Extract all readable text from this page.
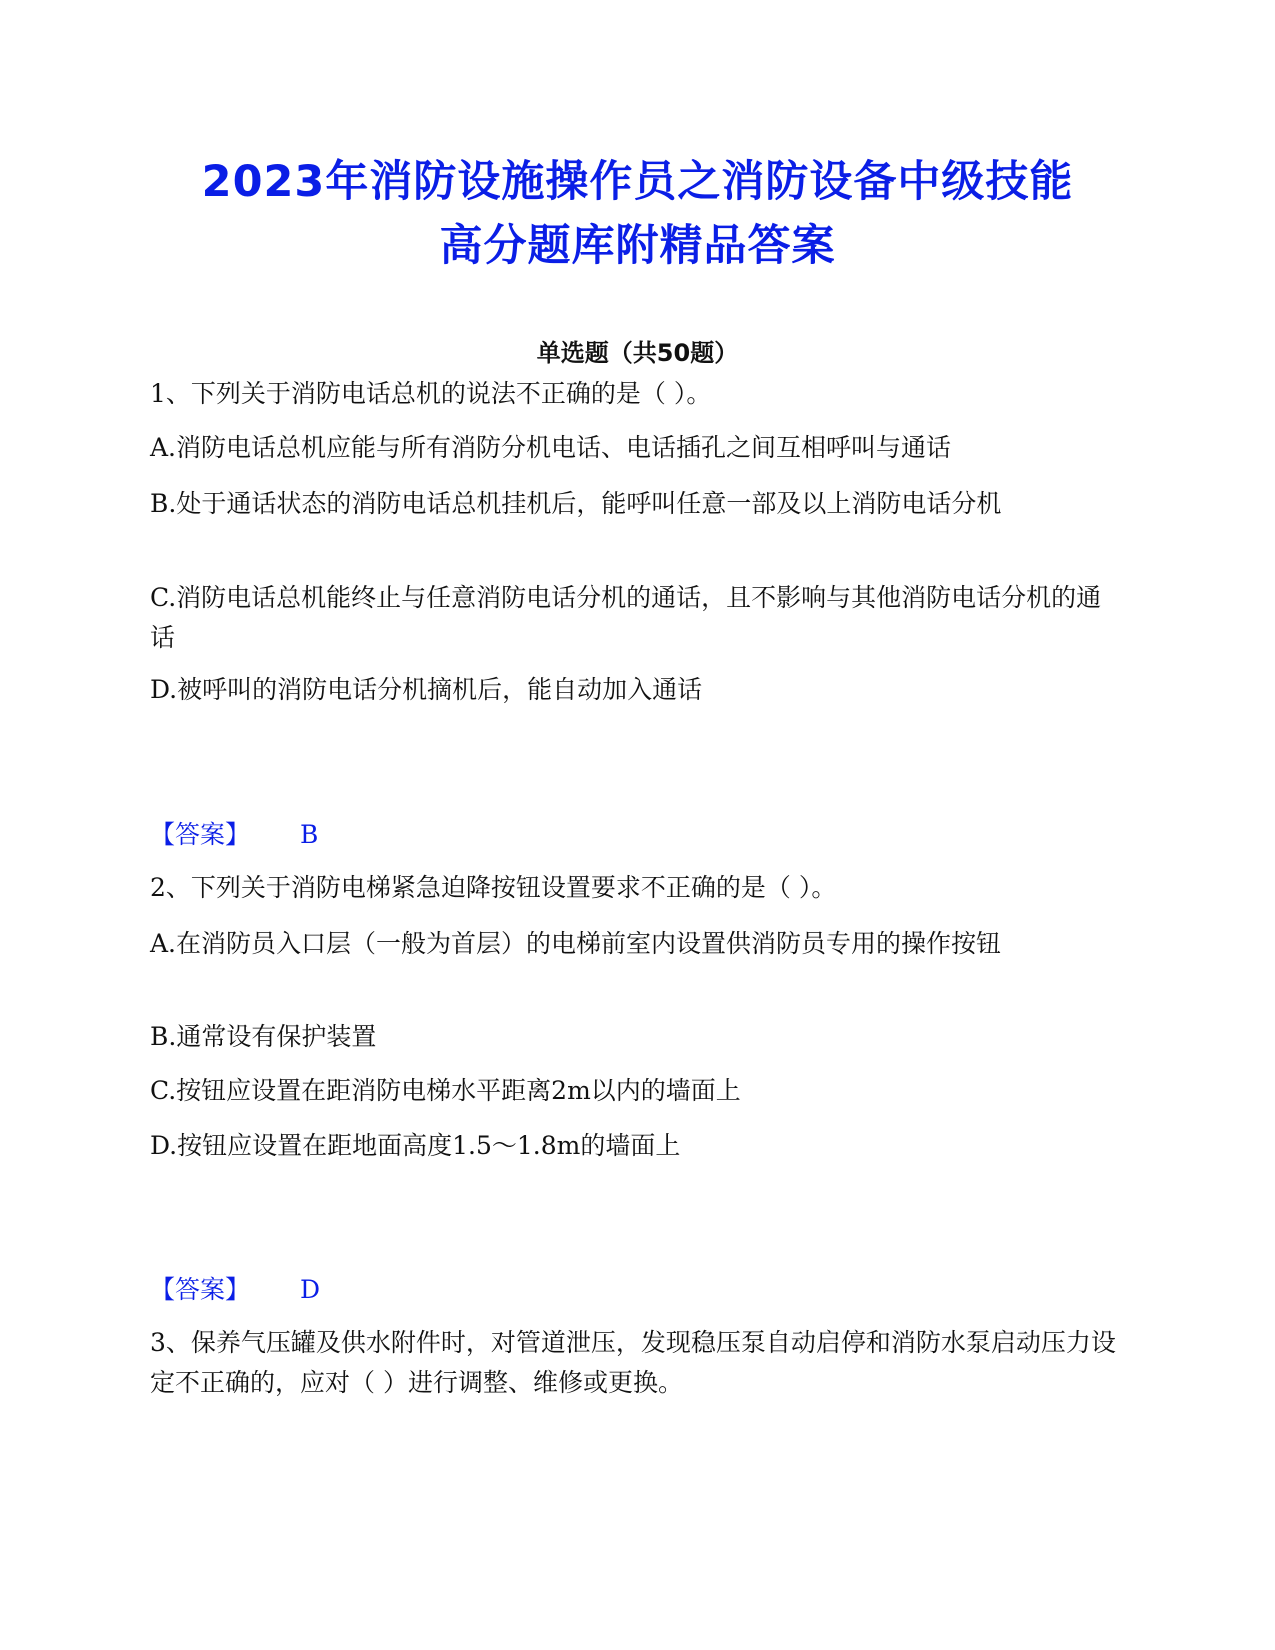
2023年消防设施操作员之消防设备中级技能
高分题库附精品答案
单选题（共50题）
1、下列关于消防电话总机的说法不正确的是（ ）。
A.消防电话总机应能与所有消防分机电话、电话插孔之间互相呼叫与通话
B.处于通话状态的消防电话总机挂机后，能呼叫任意一部及以上消防电话分机
C.消防电话总机能终止与任意消防电话分机的通话，且不影响与其他消防电话分机的通话
D.被呼叫的消防电话分机摘机后，能自动加入通话
【答案】 B
2、下列关于消防电梯紧急迫降按钮设置要求不正确的是（ ）。
A.在消防员入口层（一般为首层）的电梯前室内设置供消防员专用的操作按钮
B.通常设有保护装置
C.按钮应设置在距消防电梯水平距离2m以内的墙面上
D.按钮应设置在距地面高度1.5～1.8m的墙面上
【答案】 D
3、保养气压罐及供水附件时，对管道泄压，发现稳压泵自动启停和消防水泵启动压力设定不正确的，应对（ ）进行调整、维修或更换。
